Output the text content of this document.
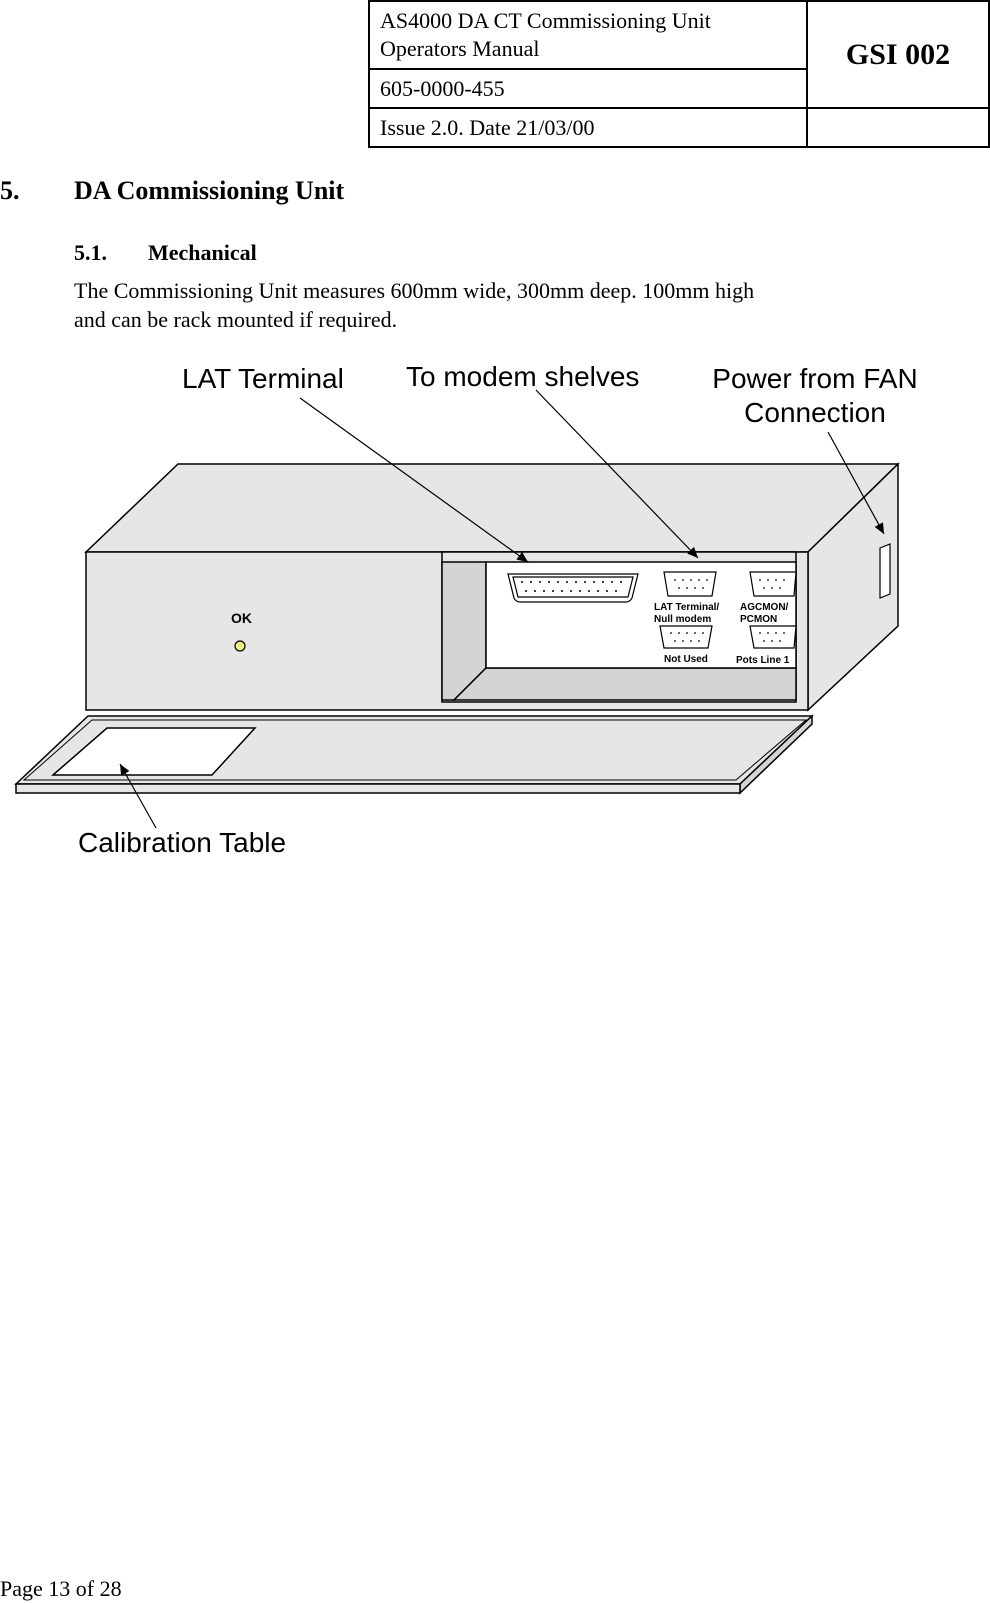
AS4000 DA CT Commissioning Unit
Operators Manual	GSI 002
605-0000-455	
Issue 2.0. Date 21/03/00	
5. DA Commissioning Unit
5.1. Mechanical
The Commissioning Unit measures 600mm wide, 300mm deep. 100mm high
and can be rack mounted if required.
LAT Terminal/
Null modem
AGCMON/
PCMON
Not Used	Pots Line 1
OK
LAT Terminal To modem shelves	Power from FAN
Connection
Calibration Table
Page 13 of 28
